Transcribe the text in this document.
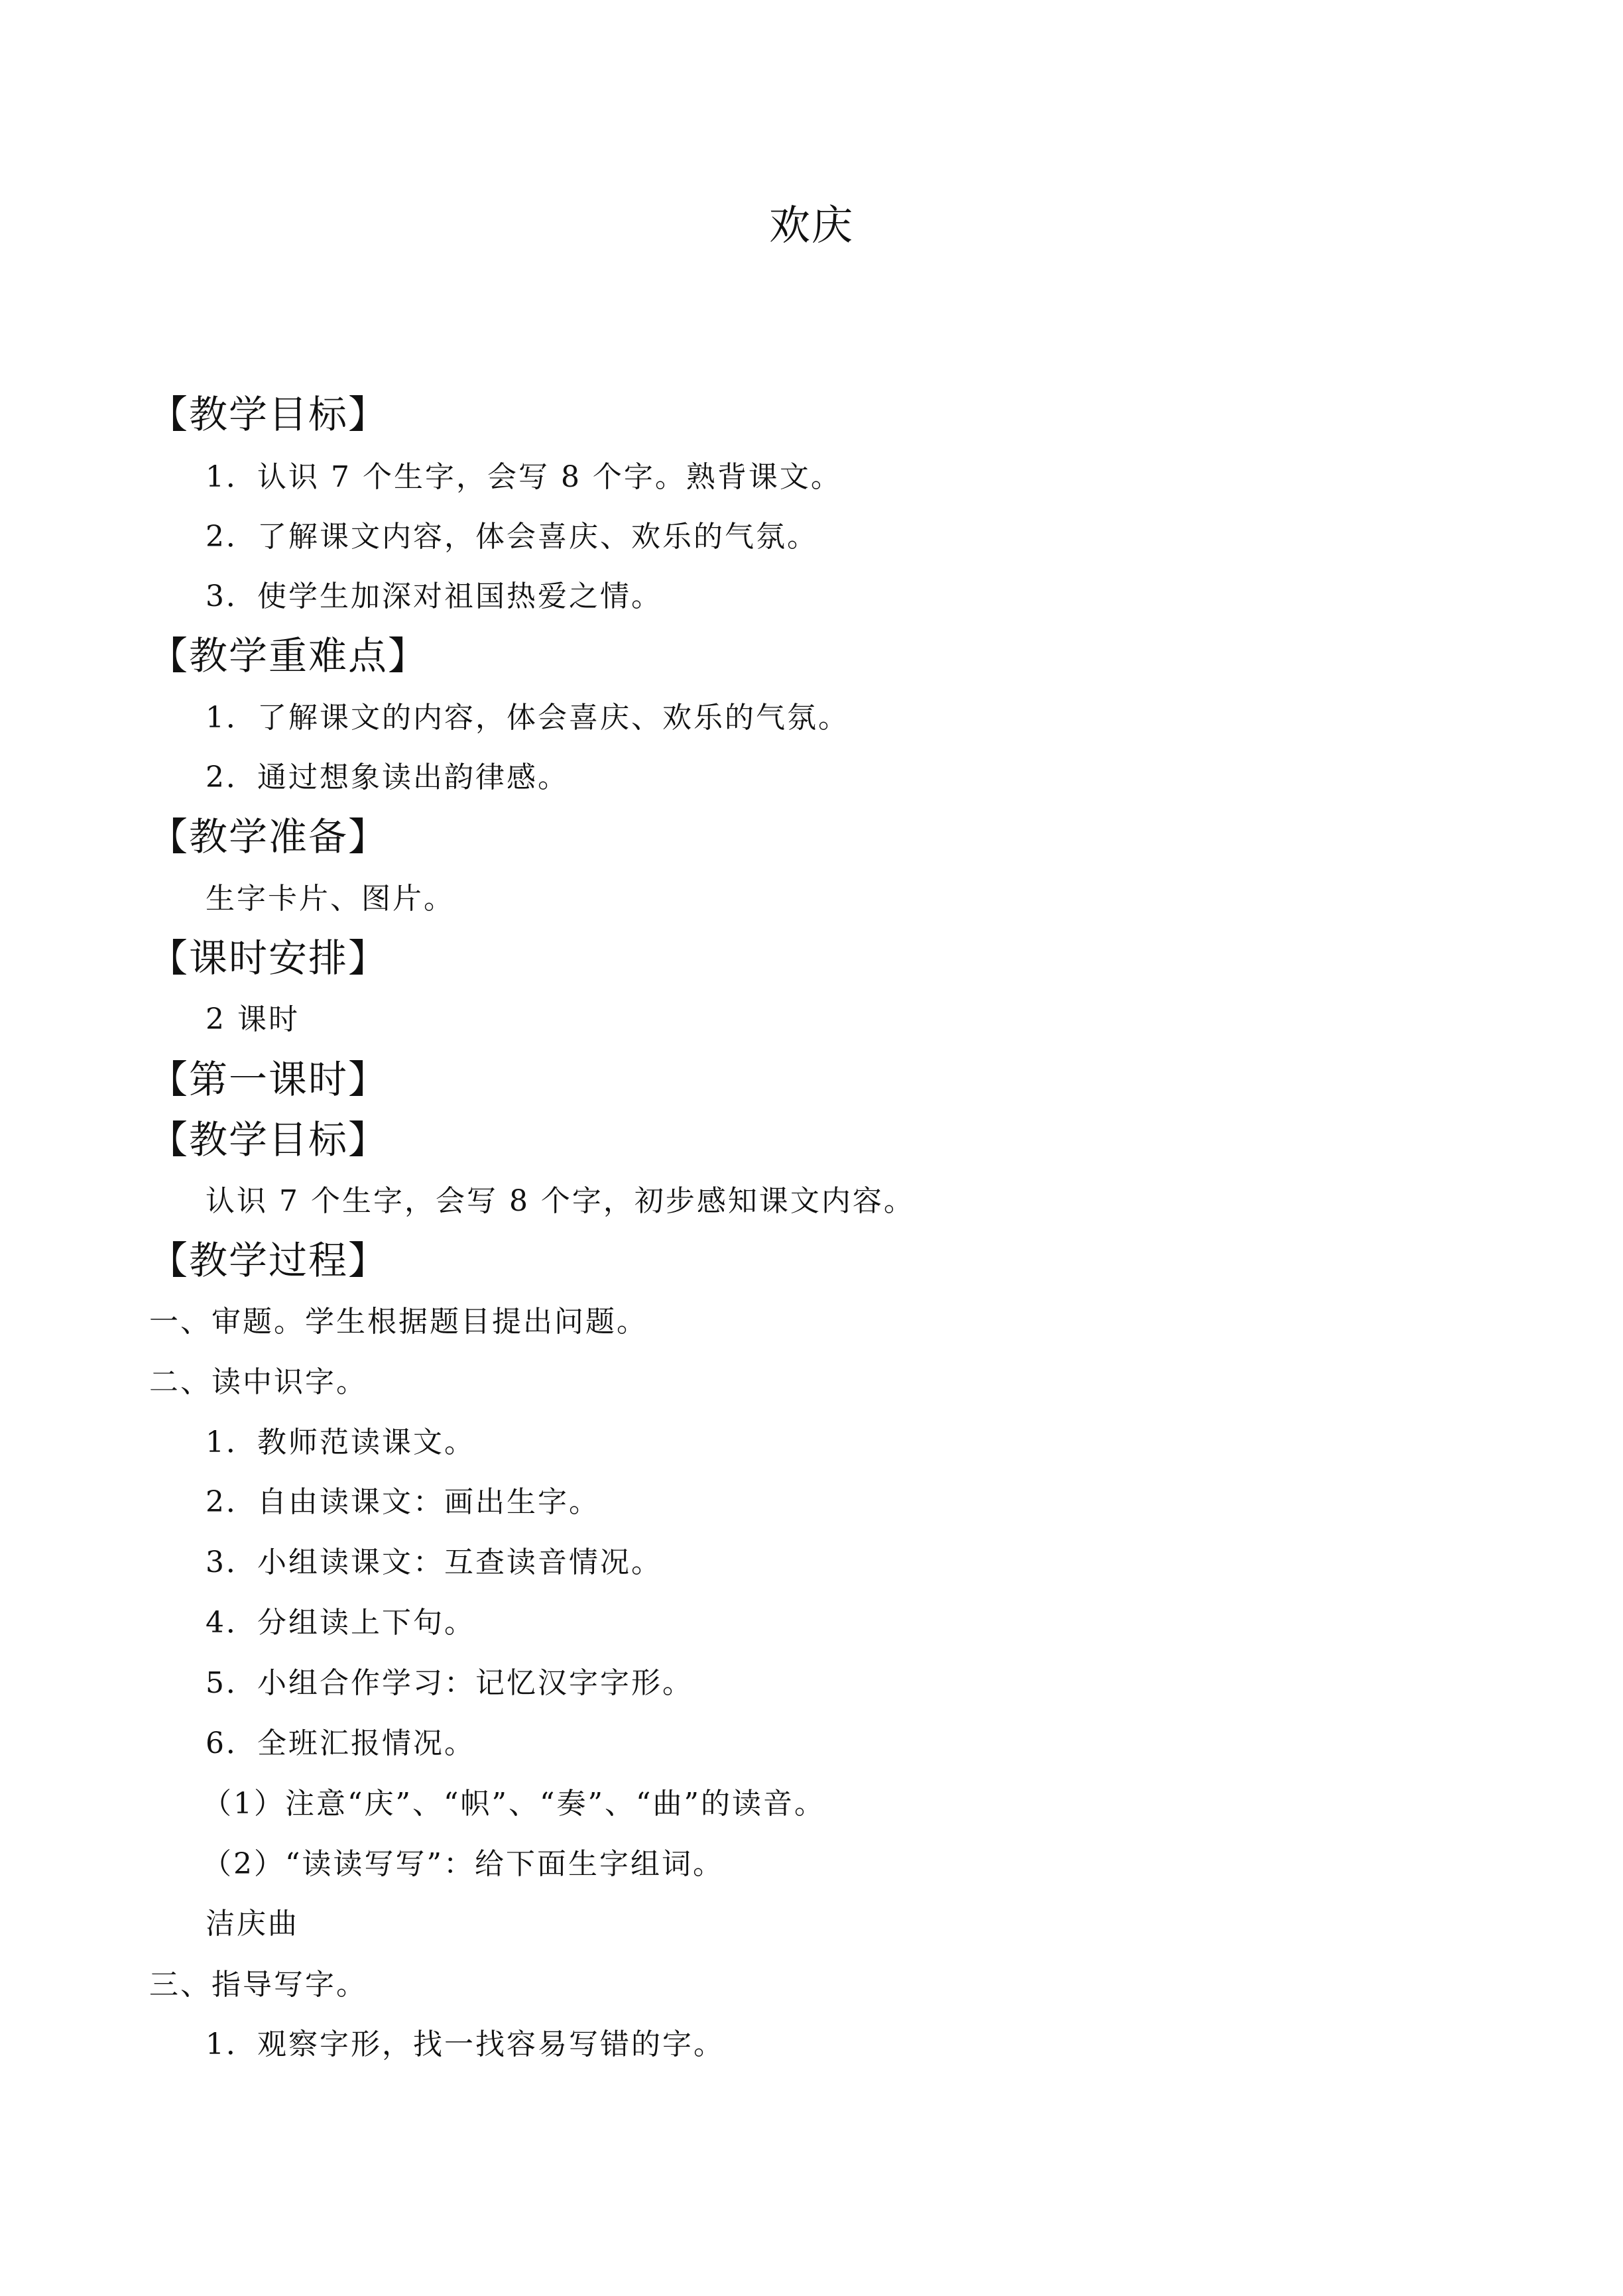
欢庆
【教学目标】
1．认识 7 个生字，会写 8 个字。熟背课文。
2．了解课文内容，体会喜庆、欢乐的气氛。
3．使学生加深对祖国热爱之情。
【教学重难点】
1．了解课文的内容，体会喜庆、欢乐的气氛。
2．通过想象读出韵律感。
【教学准备】
生字卡片、图片。
【课时安排】
2 课时
【第一课时】
【教学目标】
认识 7 个生字，会写 8 个字，初步感知课文内容。
【教学过程】
一、审题。学生根据题目提出问题。
二、读中识字。
1．教师范读课文。
2．自由读课文：画出生字。
3．小组读课文：互查读音情况。
4．分组读上下句。
5．小组合作学习：记忆汉字字形。
6．全班汇报情况。
（1）注意“庆”、“帜”、“奏”、“曲”的读音。
（2）“读读写写”：给下面生字组词。
洁庆曲
三、指导写字。
1．观察字形，找一找容易写错的字。
